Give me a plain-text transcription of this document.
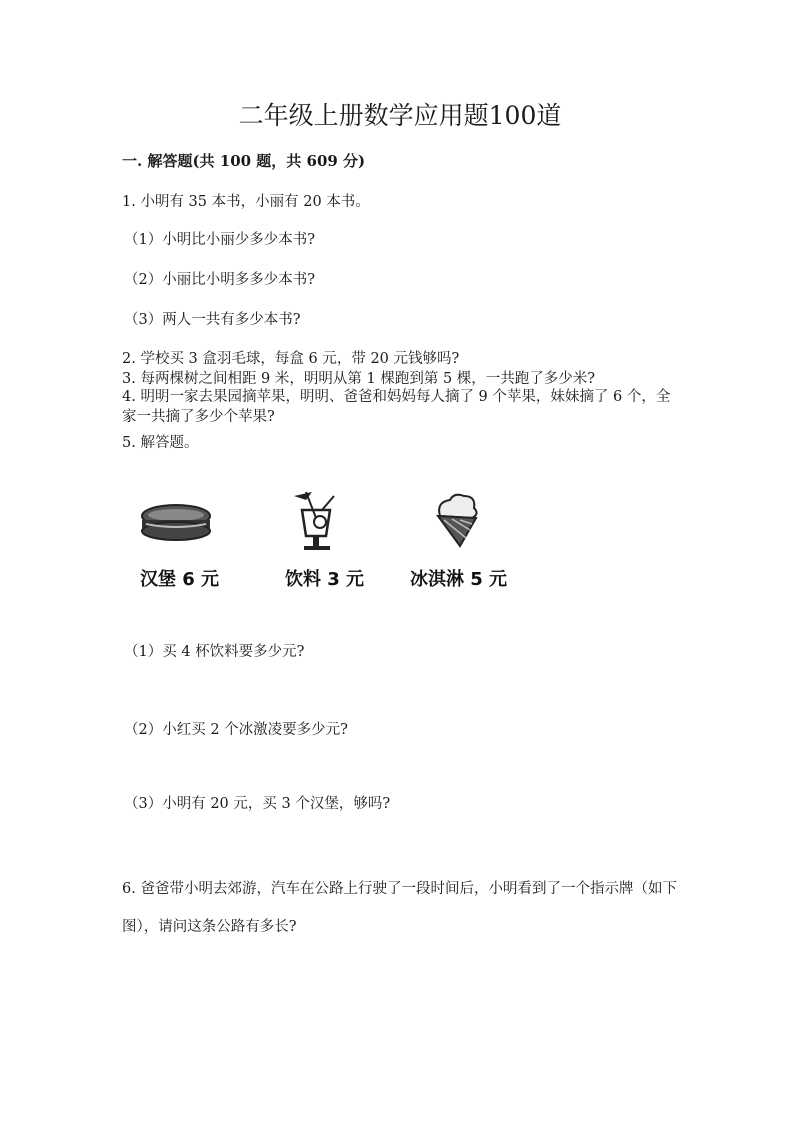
二年级上册数学应用题100道
一. 解答题(共 100 题，共 609 分)
1. 小明有 35 本书，小丽有 20 本书。
（1）小明比小丽少多少本书?
（2）小丽比小明多多少本书?
（3）两人一共有多少本书?
2. 学校买 3 盒羽毛球，每盒 6 元，带 20 元钱够吗?
3. 每两棵树之间相距 9 米，明明从第 1 棵跑到第 5 棵，一共跑了多少米?
4. 明明一家去果园摘苹果，明明、爸爸和妈妈每人摘了 9 个苹果，妹妹摘了 6 个，全家一共摘了多少个苹果?
5. 解答题。
汉堡 6 元	饮料 3 元	冰淇淋 5 元
（1）买 4 杯饮料要多少元?
（2）小红买 2 个冰激凌要多少元?
（3）小明有 20 元，买 3 个汉堡，够吗?
6. 爸爸带小明去郊游，汽车在公路上行驶了一段时间后，小明看到了一个指示牌（如下图），请问这条公路有多长?
